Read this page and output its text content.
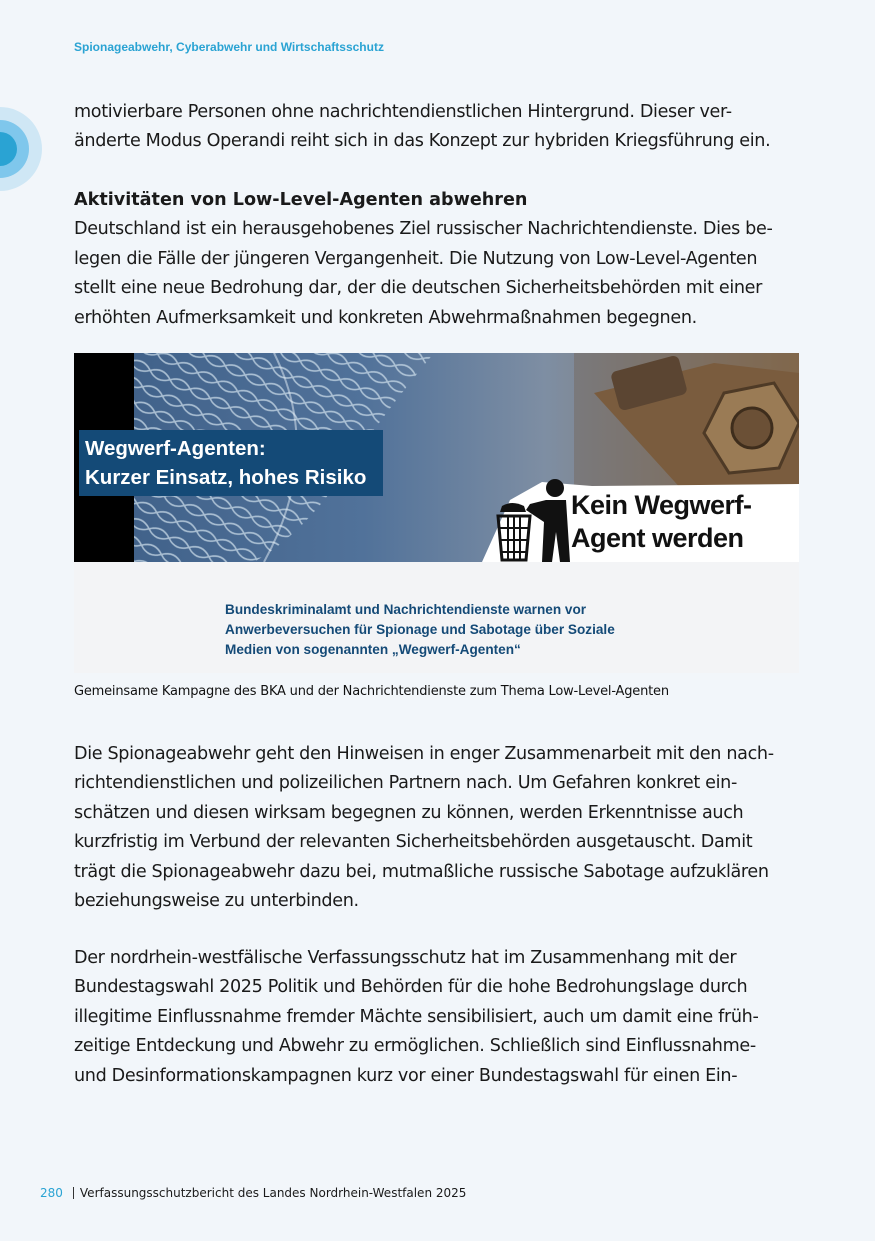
Spionageabwehr, Cyberabwehr und Wirtschaftsschutz

motivierbare Personen ohne nachrichtendienstlichen Hintergrund. Dieser ver-

änderte Modus Operandi reiht sich in das Konzept zur hybriden Kriegsführung ein.

Aktivitäten von Low-Level-Agenten abwehren

Deutschland ist ein herausgehobenes Ziel russischer Nachrichtendienste. Dies be-

legen die Fälle der jüngeren Vergangenheit. Die Nutzung von Low-Level-Agenten

stellt eine neue Bedrohung dar, der die deutschen Sicherheitsbehörden mit einer

erhöhten Aufmerksamkeit und konkreten Abwehrmaßnahmen begegnen.

Wegwerf-Agenten:
Kurzer Einsatz, hohes Risiko
Kein Wegwerf-
Agent werden
Bundeskriminalamt und Nachrichtendienste warnen vor
Anwerbeversuchen für Spionage und Sabotage über Soziale
Medien von sogenannten „Wegwerf-Agenten“
Gemeinsame Kampagne des BKA und der Nachrichtendienste zum Thema Low-Level-Agenten

Die Spionageabwehr geht den Hinweisen in enger Zusammenarbeit mit den nach-

richtendienstlichen und polizeilichen Partnern nach. Um Gefahren konkret ein-

schätzen und diesen wirksam begegnen zu können, werden Erkenntnisse auch

kurzfristig im Verbund der relevanten Sicherheitsbehörden ausgetauscht. Damit

trägt die Spionageabwehr dazu bei, mutmaßliche russische Sabotage aufzuklären

beziehungsweise zu unterbinden.

Der nordrhein-westfälische Verfassungsschutz hat im Zusammenhang mit der

Bundestagswahl 2025 Politik und Behörden für die hohe Bedrohungslage durch

illegitime Einflussnahme fremder Mächte sensibilisiert, auch um damit eine früh-

zeitige Entdeckung und Abwehr zu ermöglichen. Schließlich sind Einflussnahme-

und Desinformationskampagnen kurz vor einer Bundestagswahl für einen Ein-

280 Verfassungsschutzbericht des Landes Nordrhein-Westfalen 2025
